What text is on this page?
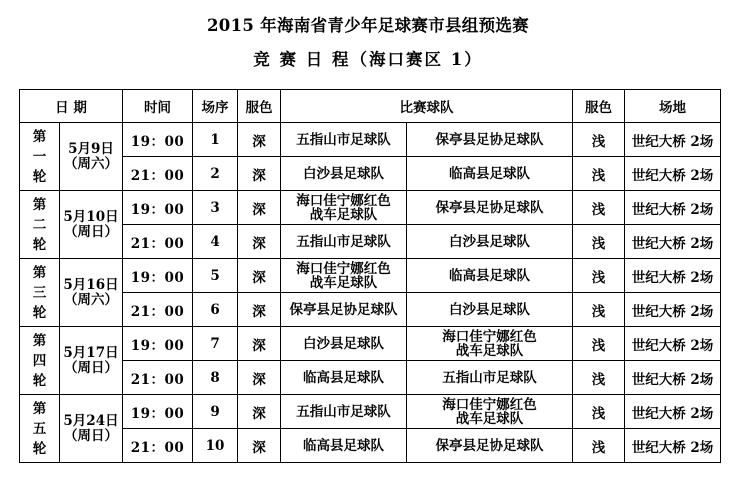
2015 年海南省青少年足球赛市县组预选赛
竞 赛 日 程（海口赛区 1）
日 期		时间	场序	服色	比赛球队		服色	场地

第
一
轮	5月9日
（周六）	19：00	1	深	五指山市足球队	保亭县足协足球队	浅	世纪大桥 2场
		21：00	2	深	白沙县足球队	临高县足球队	浅	世纪大桥 2场

第
二
轮	5月10日
（周日）	19：00	3	深	海口佳宁娜红色
战车足球队	保亭县足协足球队	浅	世纪大桥 2场
		21：00	4	深	五指山市足球队	白沙县足球队	浅	世纪大桥 2场

第
三
轮	5月16日
（周六）	19：00	5	深	海口佳宁娜红色
战车足球队	临高县足球队	浅	世纪大桥 2场
		21：00	6	深	保亭县足协足球队	白沙县足球队	浅	世纪大桥 2场

第
四
轮	5月17日
（周日）	19：00	7	深	白沙县足球队	海口佳宁娜红色
战车足球队	浅	世纪大桥 2场
		21：00	8	深	临高县足球队	五指山市足球队	浅	世纪大桥 2场

第
五
轮	5月24日
（周日）	19：00	9	深	五指山市足球队	海口佳宁娜红色
战车足球队	浅	世纪大桥 2场
		21：00	10	深	临高县足球队	保亭县足协足球队	浅	世纪大桥 2场
